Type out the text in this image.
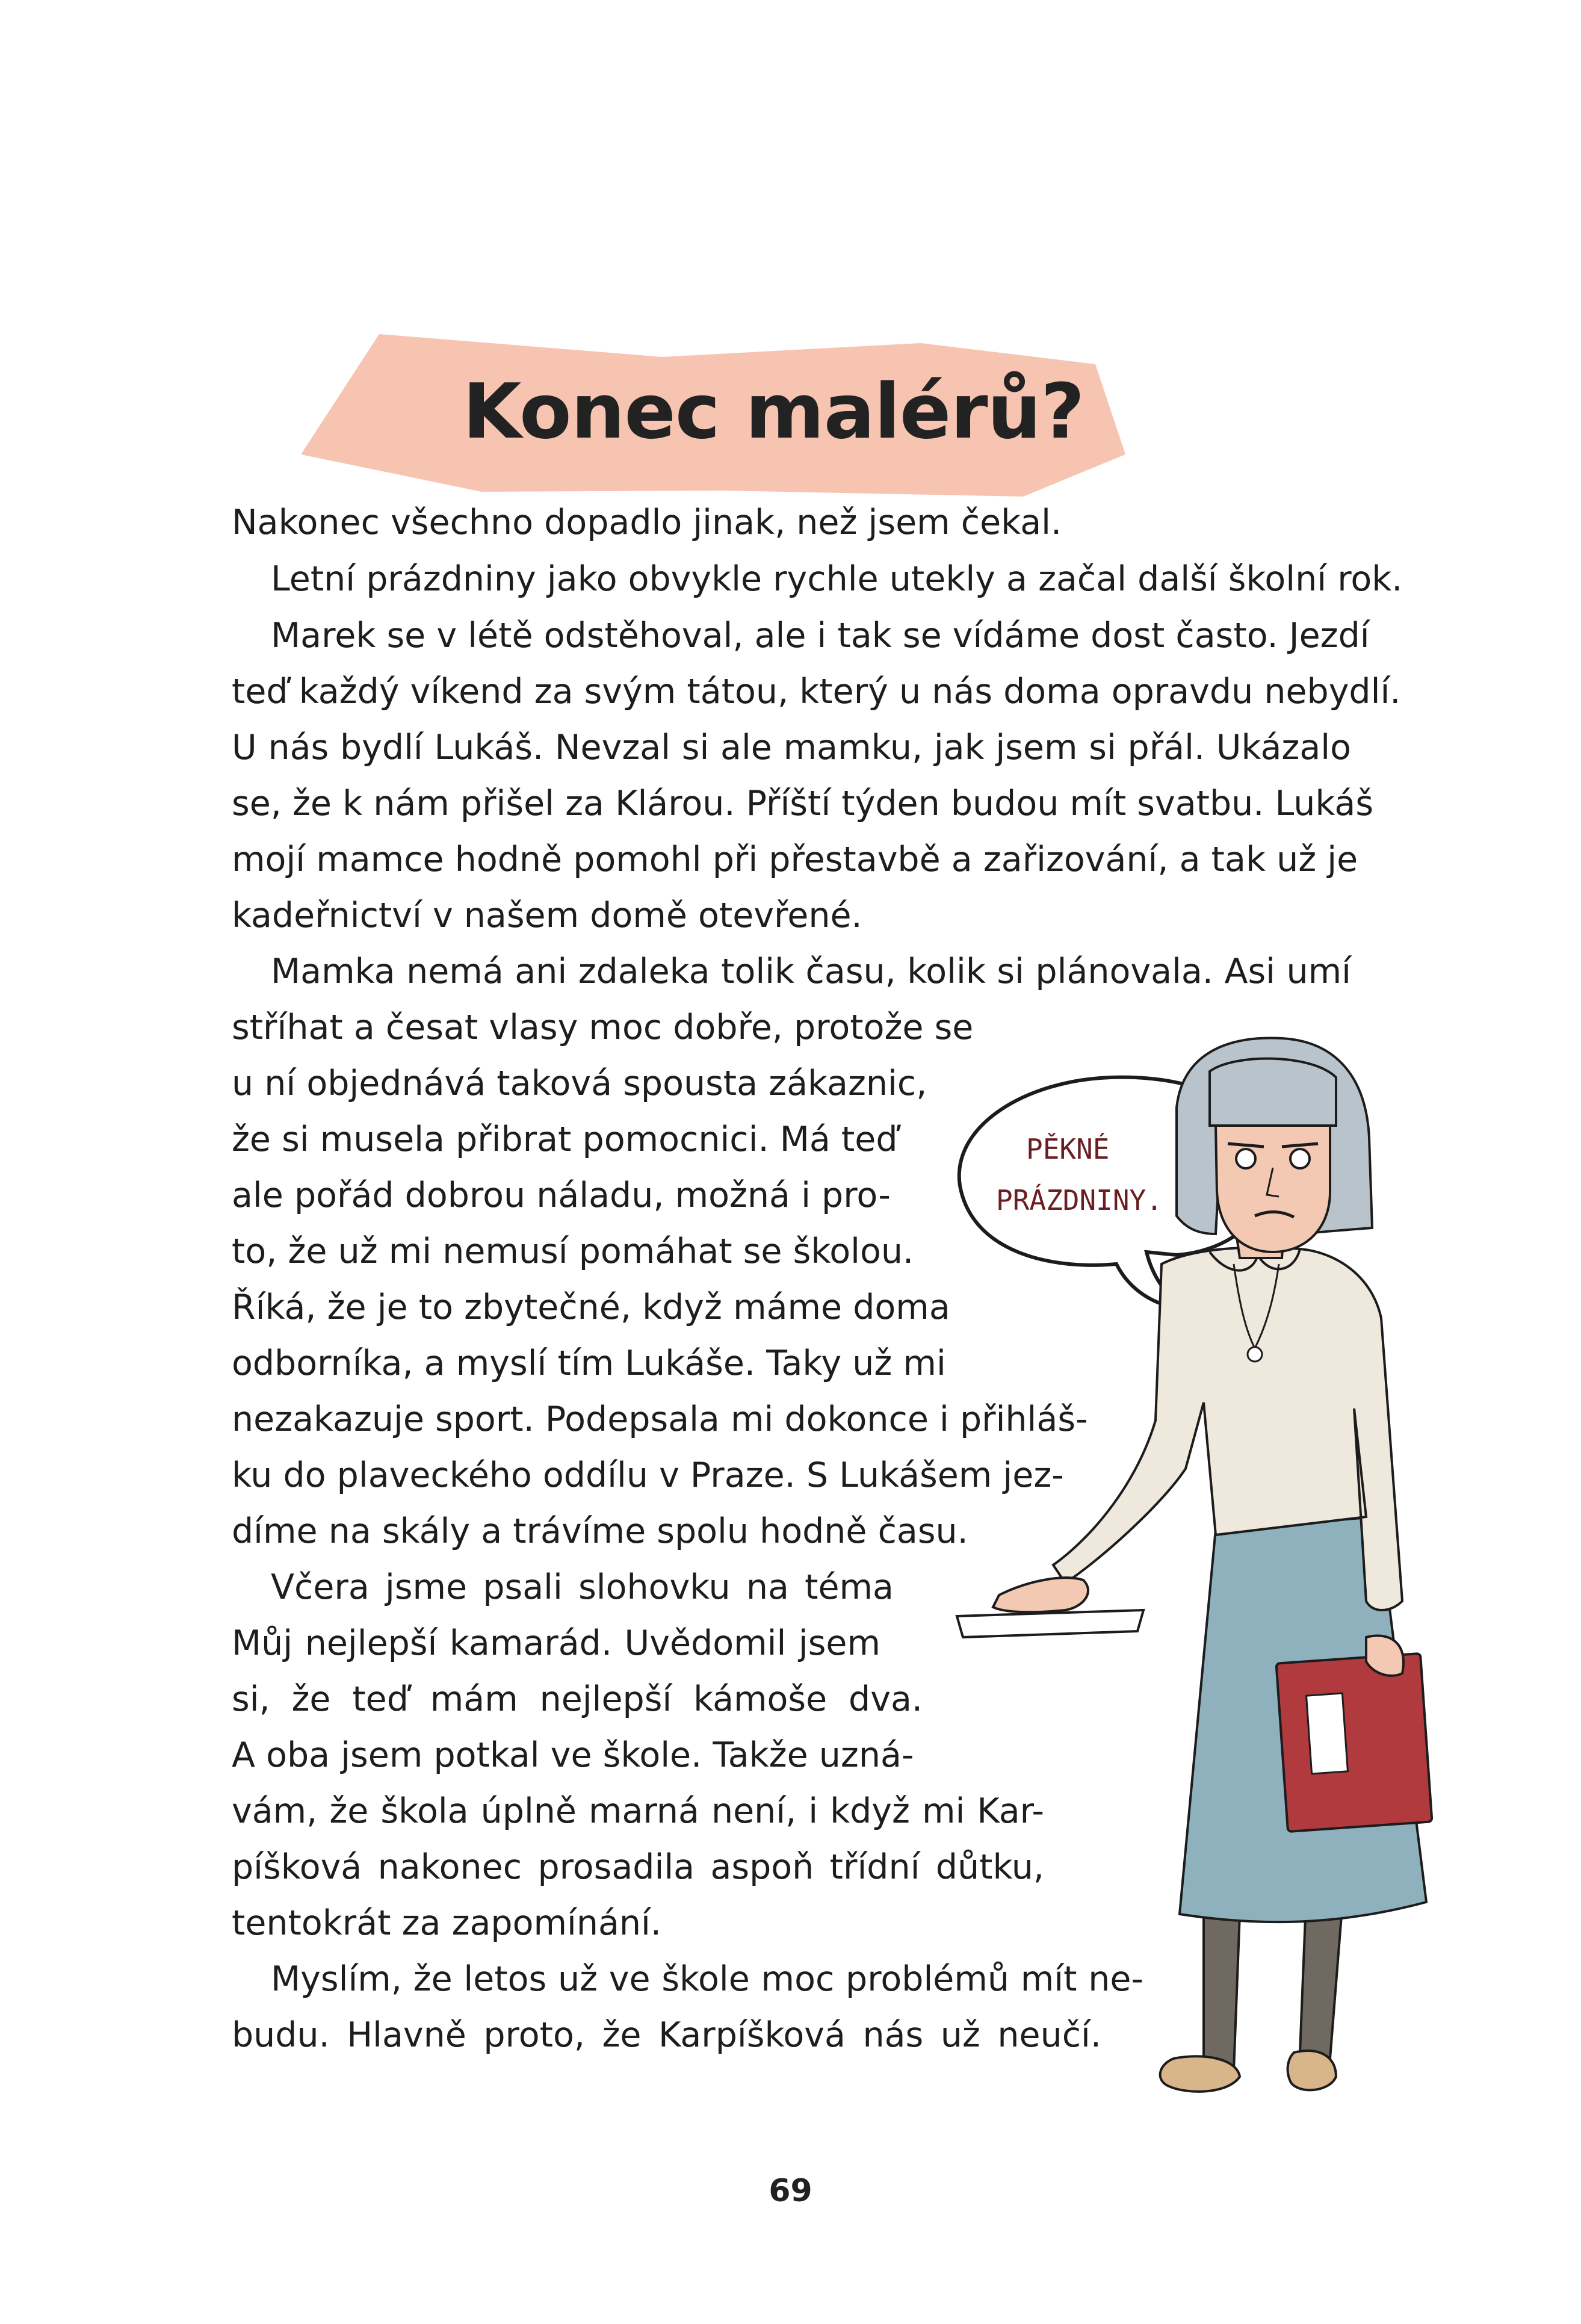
Konec malérů?
Nakonec všechno dopadlo jinak, než jsem čekal.
Letní prázdniny jako obvykle rychle utekly a začal další školní rok.
Marek se v létě odstěhoval, ale i tak se vídáme dost často. Jezdí
teď každý víkend za svým tátou, který u nás doma opravdu nebydlí.
U nás bydlí Lukáš. Nevzal si ale mamku, jak jsem si přál. Ukázalo
se, že k nám přišel za Klárou. Příští týden budou mít svatbu. Lukáš
mojí mamce hodně pomohl při přestavbě a zařizování, a tak už je
kadeřnictví v našem domě otevřené.
Mamka nemá ani zdaleka tolik času, kolik si plánovala. Asi umí
stříhat a česat vlasy moc dobře, protože se
u ní objednává taková spousta zákaznic,
že si musela přibrat pomocnici. Má teď
ale pořád dobrou náladu, možná i pro-
to, že už mi nemusí pomáhat se školou.
Říká, že je to zbytečné, když máme doma
odborníka, a myslí tím Lukáše. Taky už mi
nezakazuje sport. Podepsala mi dokonce i přihláš-
ku do plaveckého oddílu v Praze. S Lukášem jez-
díme na skály a trávíme spolu hodně času.
Včera jsme psali slohovku na téma
Můj nejlepší kamarád. Uvědomil jsem
si, že teď mám nejlepší kámoše dva.
A oba jsem potkal ve škole. Takže uzná-
vám, že škola úplně marná není, i když mi Kar-
píšková nakonec prosadila aspoň třídní důtku,
tentokrát za zapomínání.
Myslím, že letos už ve škole moc problémů mít ne-
budu. Hlavně proto, že Karpíšková nás už neučí.
PĚKNÉ
PRÁZDNINY.
69
